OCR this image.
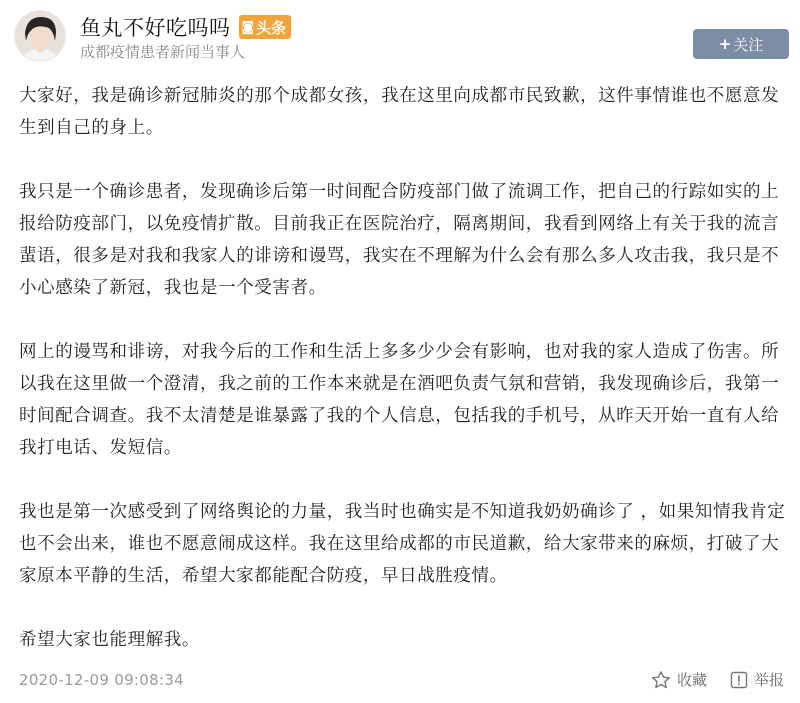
鱼丸不好吃吗吗 ◙ 头条
成都疫情患者新闻当事人	+ 关注

大家好，我是确诊新冠肺炎的那个成都女孩，我在这里向成都市民致歉，这件事情谁也不愿意发生到自己的身上。

我只是一个确诊患者，发现确诊后第一时间配合防疫部门做了流调工作，把自己的行踪如实的上报给防疫部门，以免疫情扩散。目前我正在医院治疗，隔离期间，我看到网络上有关于我的流言蜚语，很多是对我和我家人的诽谤和谩骂，我实在不理解为什么会有那么多人攻击我，我只是不小心感染了新冠，我也是一个受害者。

网上的谩骂和诽谤，对我今后的工作和生活上多多少少会有影响，也对我的家人造成了伤害。所以我在这里做一个澄清，我之前的工作本来就是在酒吧负责气氛和营销，我发现确诊后，我第一时间配合调查。我不太清楚是谁暴露了我的个人信息，包括我的手机号，从昨天开始一直有人给我打电话、发短信。

我也是第一次感受到了网络舆论的力量，我当时也确实是不知道我奶奶确诊了 ，如果知情我肯定也不会出来，谁也不愿意闹成这样。我在这里给成都的市民道歉，给大家带来的麻烦，打破了大家原本平静的生活，希望大家都能配合防疫，早日战胜疫情。

希望大家也能理解我。

2020-12-09 09:08:34	收藏	举报
